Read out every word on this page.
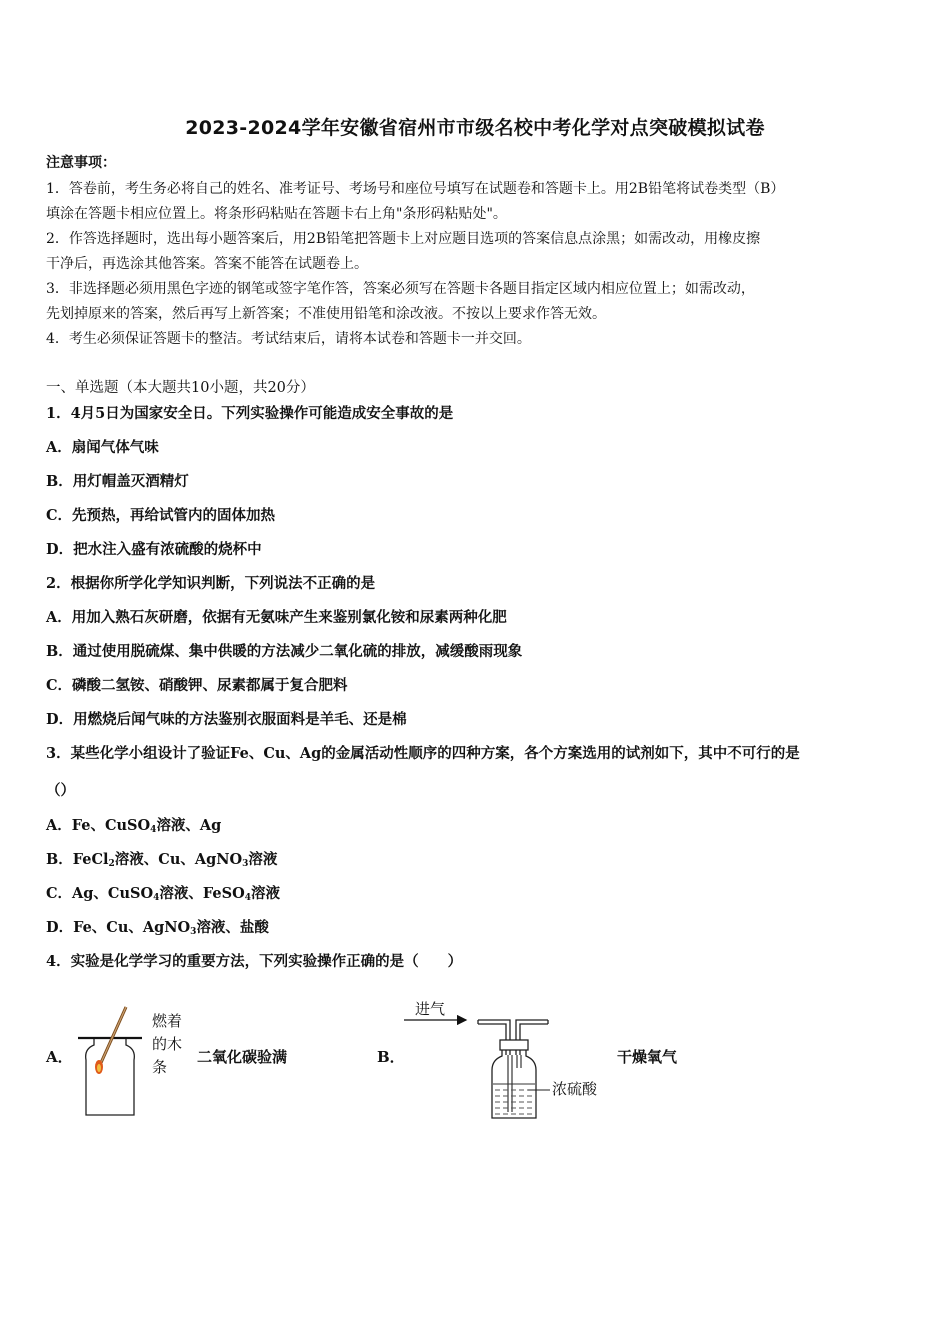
2023-2024学年安徽省宿州市市级名校中考化学对点突破模拟试卷
注意事项：
1．答卷前，考生务必将自己的姓名、准考证号、考场号和座位号填写在试题卷和答题卡上。用2B铅笔将试卷类型（B）
填涂在答题卡相应位置上。将条形码粘贴在答题卡右上角"条形码粘贴处"。
2．作答选择题时，选出每小题答案后，用2B铅笔把答题卡上对应题目选项的答案信息点涂黑；如需改动，用橡皮擦
干净后，再选涂其他答案。答案不能答在试题卷上。
3．非选择题必须用黑色字迹的钢笔或签字笔作答，答案必须写在答题卡各题目指定区域内相应位置上；如需改动，
先划掉原来的答案，然后再写上新答案；不准使用铅笔和涂改液。不按以上要求作答无效。
4．考生必须保证答题卡的整洁。考试结束后，请将本试卷和答题卡一并交回。
一、单选题（本大题共10小题，共20分）
1．4月5日为国家安全日。下列实验操作可能造成安全事故的是
A．扇闻气体气味
B．用灯帽盖灭酒精灯
C．先预热，再给试管内的固体加热
D．把水注入盛有浓硫酸的烧杯中
2．根据你所学化学知识判断，下列说法不正确的是
A．用加入熟石灰研磨，依据有无氨味产生来鉴别氯化铵和尿素两种化肥
B．通过使用脱硫煤、集中供暖的方法减少二氧化硫的排放，减缓酸雨现象
C．磷酸二氢铵、硝酸钾、尿素都属于复合肥料
D．用燃烧后闻气味的方法鉴别衣服面料是羊毛、还是棉
3．某些化学小组设计了验证Fe、Cu、Ag的金属活动性顺序的四种方案，各个方案选用的试剂如下，其中不可行的是
（）
A．Fe、CuSO$_4$溶液、Ag
B．FeCl$_2$溶液、Cu、AgNO$_3$溶液
C．Ag、CuSO$_4$溶液、FeSO$_4$溶液
D．Fe、Cu、AgNO$_3$溶液、盐酸
4．实验是化学学习的重要方法，下列实验操作正确的是（　　）
A．
燃着
的木
条
二氧化碳验满	B．
进气
浓硫酸
干燥氧气
